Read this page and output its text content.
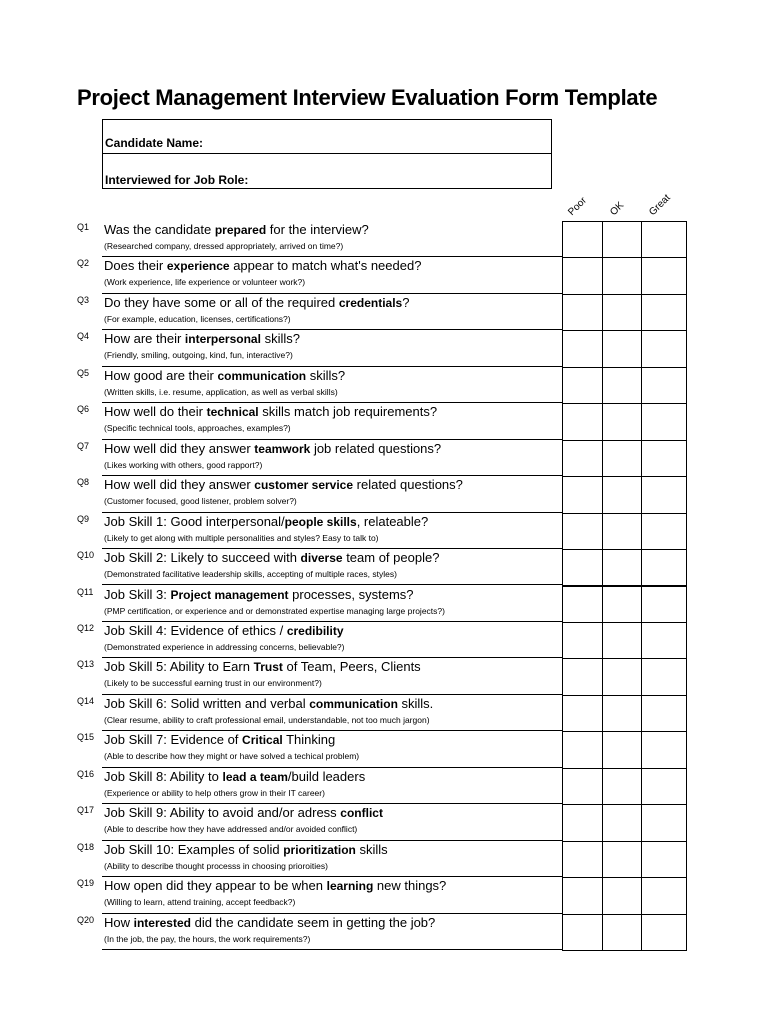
Project Management Interview Evaluation Form Template
Candidate Name:
Interviewed for Job Role:
Poor OK Great
Q1 Was the candidate prepared for the interview?
(Researched company, dressed appropriately, arrived on time?)
Q2 Does their experience appear to match what's needed?
(Work experience, life experience or volunteer work?)
Q3 Do they have some or all of the required credentials?
(For example, education, licenses, certifications?)
Q4 How are their interpersonal skills?
(Friendly, smiling, outgoing, kind, fun, interactive?)
Q5 How good are their communication skills?
(Written skills, i.e. resume, application, as well as verbal skills)
Q6 How well do their technical skills match job requirements?
(Specific technical tools, approaches, examples?)
Q7 How well did they answer teamwork job related questions?
(Likes working with others, good rapport?)
Q8 How well did they answer customer service related questions?
(Customer focused, good listener, problem solver?)
Q9 Job Skill 1: Good interpersonal/people skills, relateable?
(Likely to get along with multiple personalities and styles? Easy to talk to)
Q10 Job Skill 2: Likely to succeed with diverse team of people?
(Demonstrated facilitative leadership skills, accepting of multiple races, styles)
Q11 Job Skill 3: Project management processes, systems?
(PMP certification, or experience and or demonstrated expertise managing large projects?)
Q12 Job Skill 4: Evidence of ethics / credibility
(Demonstrated experience in addressing concerns, believable?)
Q13 Job Skill 5: Ability to Earn Trust of Team, Peers, Clients
(Likely to be successful earning trust in our environment?)
Q14 Job Skill 6: Solid written and verbal communication skills.
(Clear resume, ability to craft professional email, understandable, not too much jargon)
Q15 Job Skill 7: Evidence of Critical Thinking
(Able to describe how they might or have solved a techical problem)
Q16 Job Skill 8: Ability to lead a team/build leaders
(Experience or ability to help others grow in their IT career)
Q17 Job Skill 9: Ability to avoid and/or adress conflict
(Able to describe how they have addressed and/or avoided conflict)
Q18 Job Skill 10: Examples of solid prioritization skills
(Ability to describe thought processs in choosing prioroities)
Q19 How open did they appear to be when learning new things?
(Willing to learn, attend training, accept feedback?)
Q20 How interested did the candidate seem in getting the job?
(In the job, the pay, the hours, the work requirements?)
